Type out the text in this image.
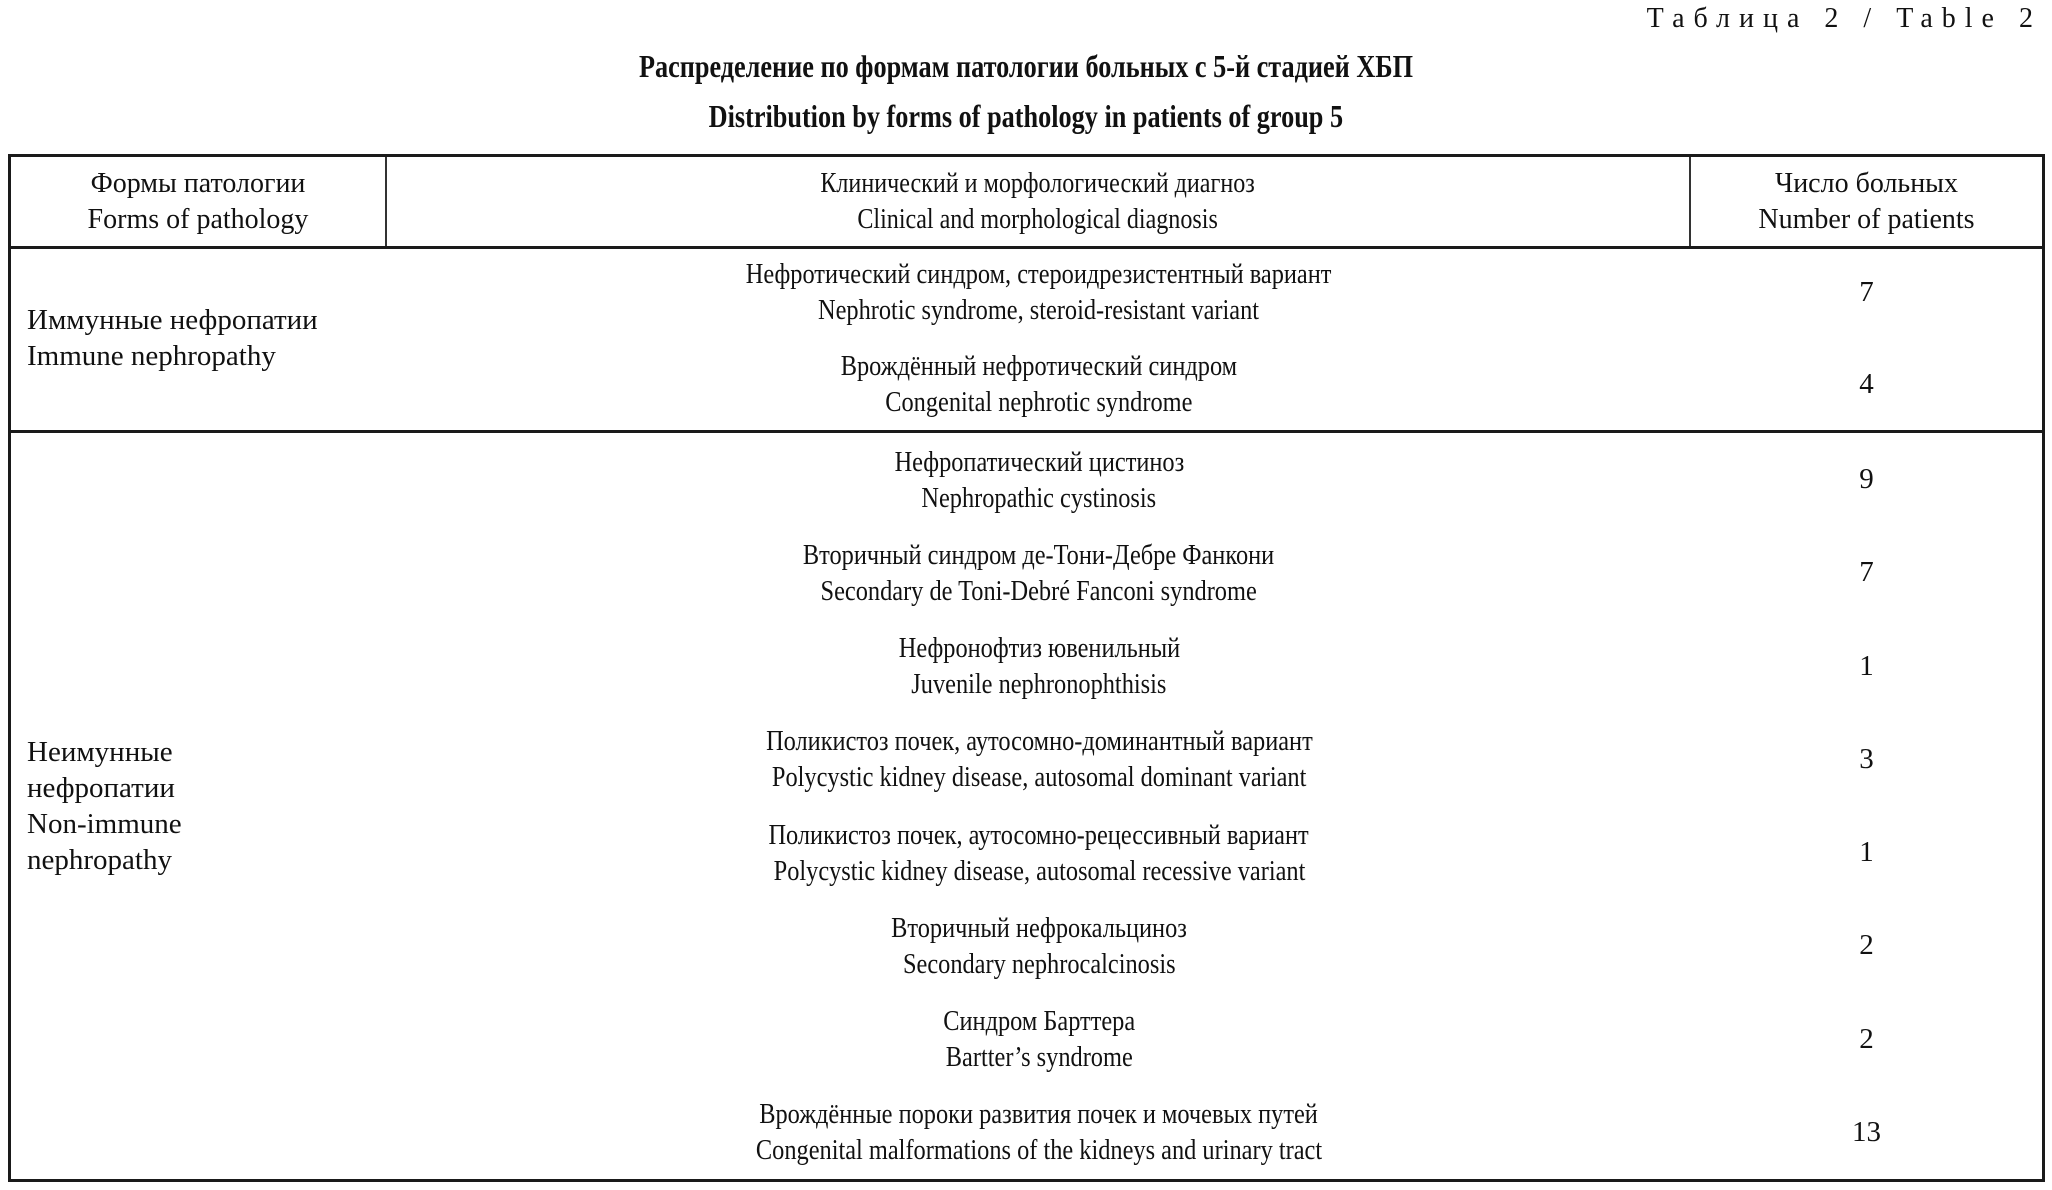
Таблица 2 / Table 2
Распределение по формам патологии больных с 5-й стадией ХБП
Distribution by forms of pathology in patients of group 5
Формы патологии
Forms of pathology
Клинический и морфологический диагноз
Clinical and morphological diagnosis
Число больных
Number of patients
Иммунные нефропатии
Immune nephropathy
Нефротический синдром, стероидрезистентный вариант
Nephrotic syndrome, steroid-resistant variant
7
Врождённый нефротический синдром
Congenital nephrotic syndrome
4
Неимунные
нефропатии
Non-immune
nephropathy
Нефропатический цистиноз
Nephropathic cystinosis
9
Вторичный синдром де-Тони-Дебре Фанкони
Secondary de Toni-Debré Fanconi syndrome
7
Нефронофтиз ювенильный
Juvenile nephronophthisis
1
Поликистоз почек, аутосомно-доминантный вариант
Polycystic kidney disease, autosomal dominant variant
3
Поликистоз почек, аутосомно-рецессивный вариант
Polycystic kidney disease, autosomal recessive variant
1
Вторичный нефрокальциноз
Secondary nephrocalcinosis
2
Синдром Барттера
Bartter’s syndrome
2
Врождённые пороки развития почек и мочевых путей
Congenital malformations of the kidneys and urinary tract
13
